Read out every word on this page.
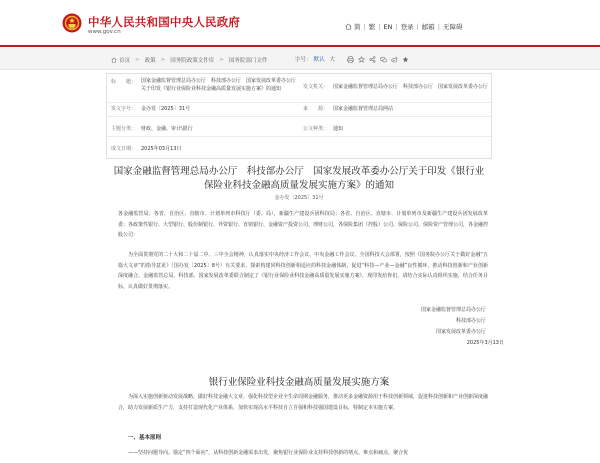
中华人民共和国中央人民政府
www.gov.cn
简 | 繁 | EN | 登录 | 邮箱 | 无障碍
首页 > 政策 > 国务院政策文件库 > 国务院部门文件	字号： 默认 大
标　　题： 国家金融监督管理总局办公厅　科技部办公厅　国家发展改革委办公厅关于印发《银行业保险业科技金融高质量发展实施方案》的通知	发文机关： 国家金融监督管理总局办公厅　科技部办公厅　国家发展改革委办公厅
发文字号： 金办发〔2025〕31号	来　　源： 国家金融监督管理总局网站
主题分类： 财政、金融、审计\银行	公文种类： 通知
成文日期： 2025年03月13日
国家金融监督管理总局办公厅　科技部办公厅　国家发展改革委办公厅关于印发《银行业
保险业科技金融高质量发展实施方案》的通知
金办发〔2025〕31号
各金融监管局；各省、自治区、直辖市、计划单列市科技厅（委、局），新疆生产建设兵团科技局；各省、自治区、直辖市、计划单列市及新疆生产建设兵团发展改革委；各政策性银行、大型银行、股份制银行、外资银行、直销银行、金融资产投资公司、理财公司，各保险集团（控股）公司、保险公司、保险资产管理公司，各金融控股公司：
为全面贯彻党的二十大和二十届二中、三中全会精神，认真落实中央经济工作会议、中央金融工作会议、全国科技大会部署，按照《国务院办公厅关于做好金融“五篇大文章”的指导意见》（国办发〔2025〕8号）有关要求，探索构建同科技创新相适应的科技金融体制，促进“科技—产业—金融”良性循环，推动科技创新和产业创新深度融合，金融监管总局、科技部、国家发展改革委联合制定了《银行业保险业科技金融高质量发展实施方案》，现印发给你们，请结合实际认真组织实施，结合任务目标，认真做好贯彻落实。
国家金融监督管理总局办公厅
科技部办公厅
国家发展改革委办公厅
2025年3月13日
银行业保险业科技金融高质量发展实施方案
为深入实施创新驱动发展战略，做好科技金融大文章，强化科技型企业全生命周期金融服务，推动更多金融资源用于科技创新领域，促进科技创新和产业创新深度融合，助力发展新质生产力，支持打造现代化产业体系，加快实现高水平科技自立自强和科技强国建设目标，特制定本实施方案。
一、基本原则
——坚持问题导向。锚定“四个面向”，从科技创新金融需求出发，聚焦银行业保险业支持科技创新的堵点、难点和痛点，聚合优
